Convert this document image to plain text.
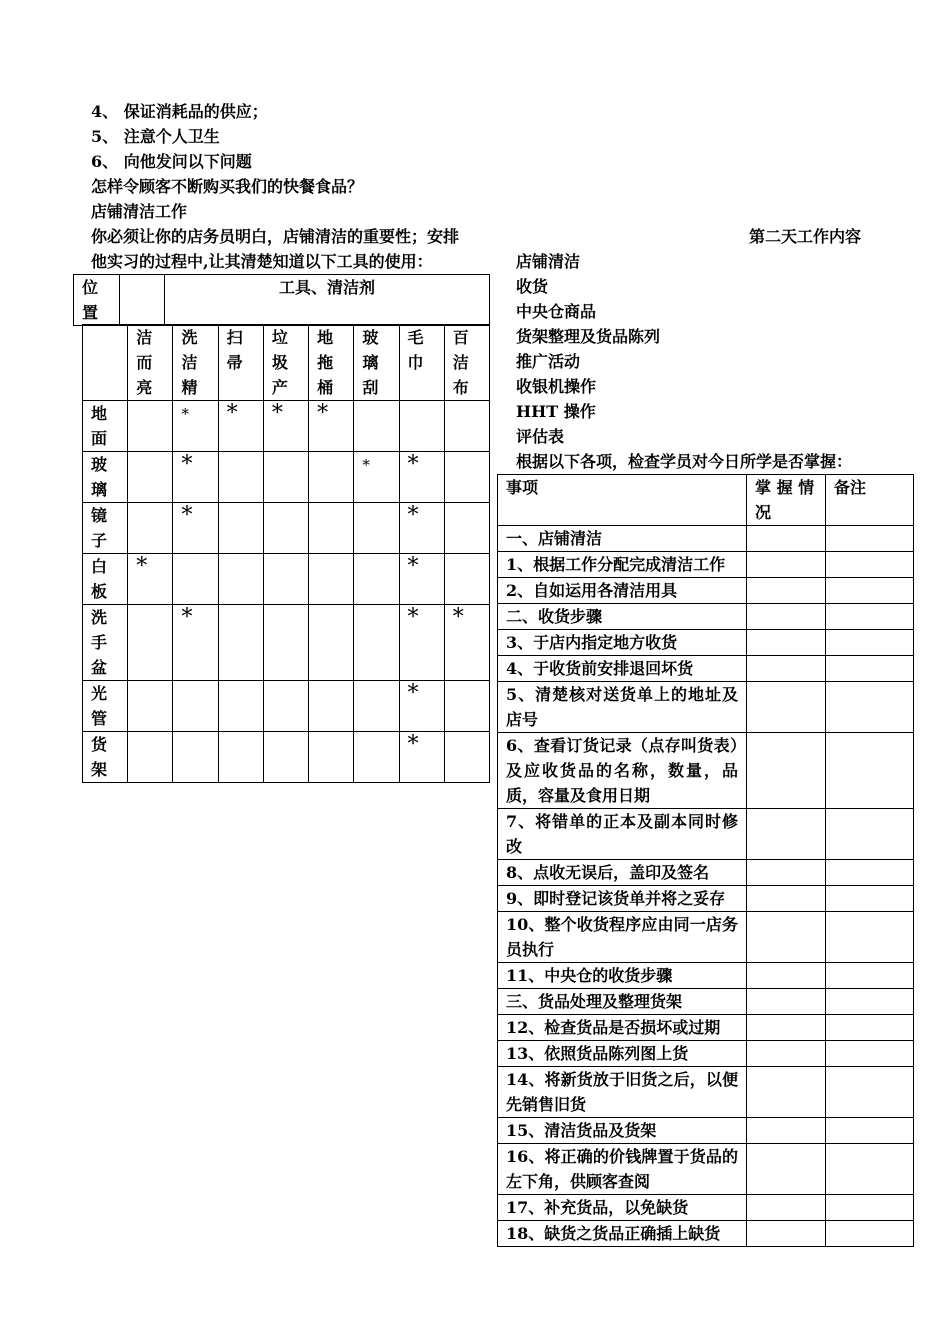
4、 保证消耗品的供应；
5、 注意个人卫生
6、 向他发问以下问题
怎样令顾客不断购买我们的快餐食品？
店铺清洁工作
你必须让你的店务员明白，店铺清洁的重要性；安排
他实习的过程中,让其清楚知道以下工具的使用：
第二天工作内容
店铺清洁
收货
中央仓商品
货架整理及货品陈列
推广活动
收银机操作
HHT 操作
评估表
根据以下各项，检查学员对今日所学是否掌握：
位置		工具、清洁剂
	洁而亮	洗洁精	扫帚	垃圾产	地拖桶	玻璃刮	毛巾	百洁布
地面		*	*	*	*			
玻璃		*				*	*	
镜子		*					*	
白板	*						*	
洗手盆		*					*	*
光管							*	
货架							*	
事项	掌 握 情 况	备注
一、店铺清洁		
1、根据工作分配完成清洁工作		
2、自如运用各清洁用具		
二、收货步骤		
3、于店内指定地方收货		
4、于收货前安排退回坏货		
5、清楚核对送货单上的地址及店号		
6、查看订货记录（点存叫货表）及应收货品的名称，数量，品质，容量及食用日期		
7、将错单的正本及副本同时修改		
8、点收无误后，盖印及签名		
9、即时登记该货单并将之妥存		
10、整个收货程序应由同一店务员执行		
11、中央仓的收货步骤		
三、货品处理及整理货架		
12、检查货品是否损坏或过期		
13、依照货品陈列图上货		
14、将新货放于旧货之后，以便先销售旧货		
15、清洁货品及货架		
16、将正确的价钱牌置于货品的左下角，供顾客查阅		
17、补充货品，以免缺货		
18、缺货之货品正确插上缺货		
